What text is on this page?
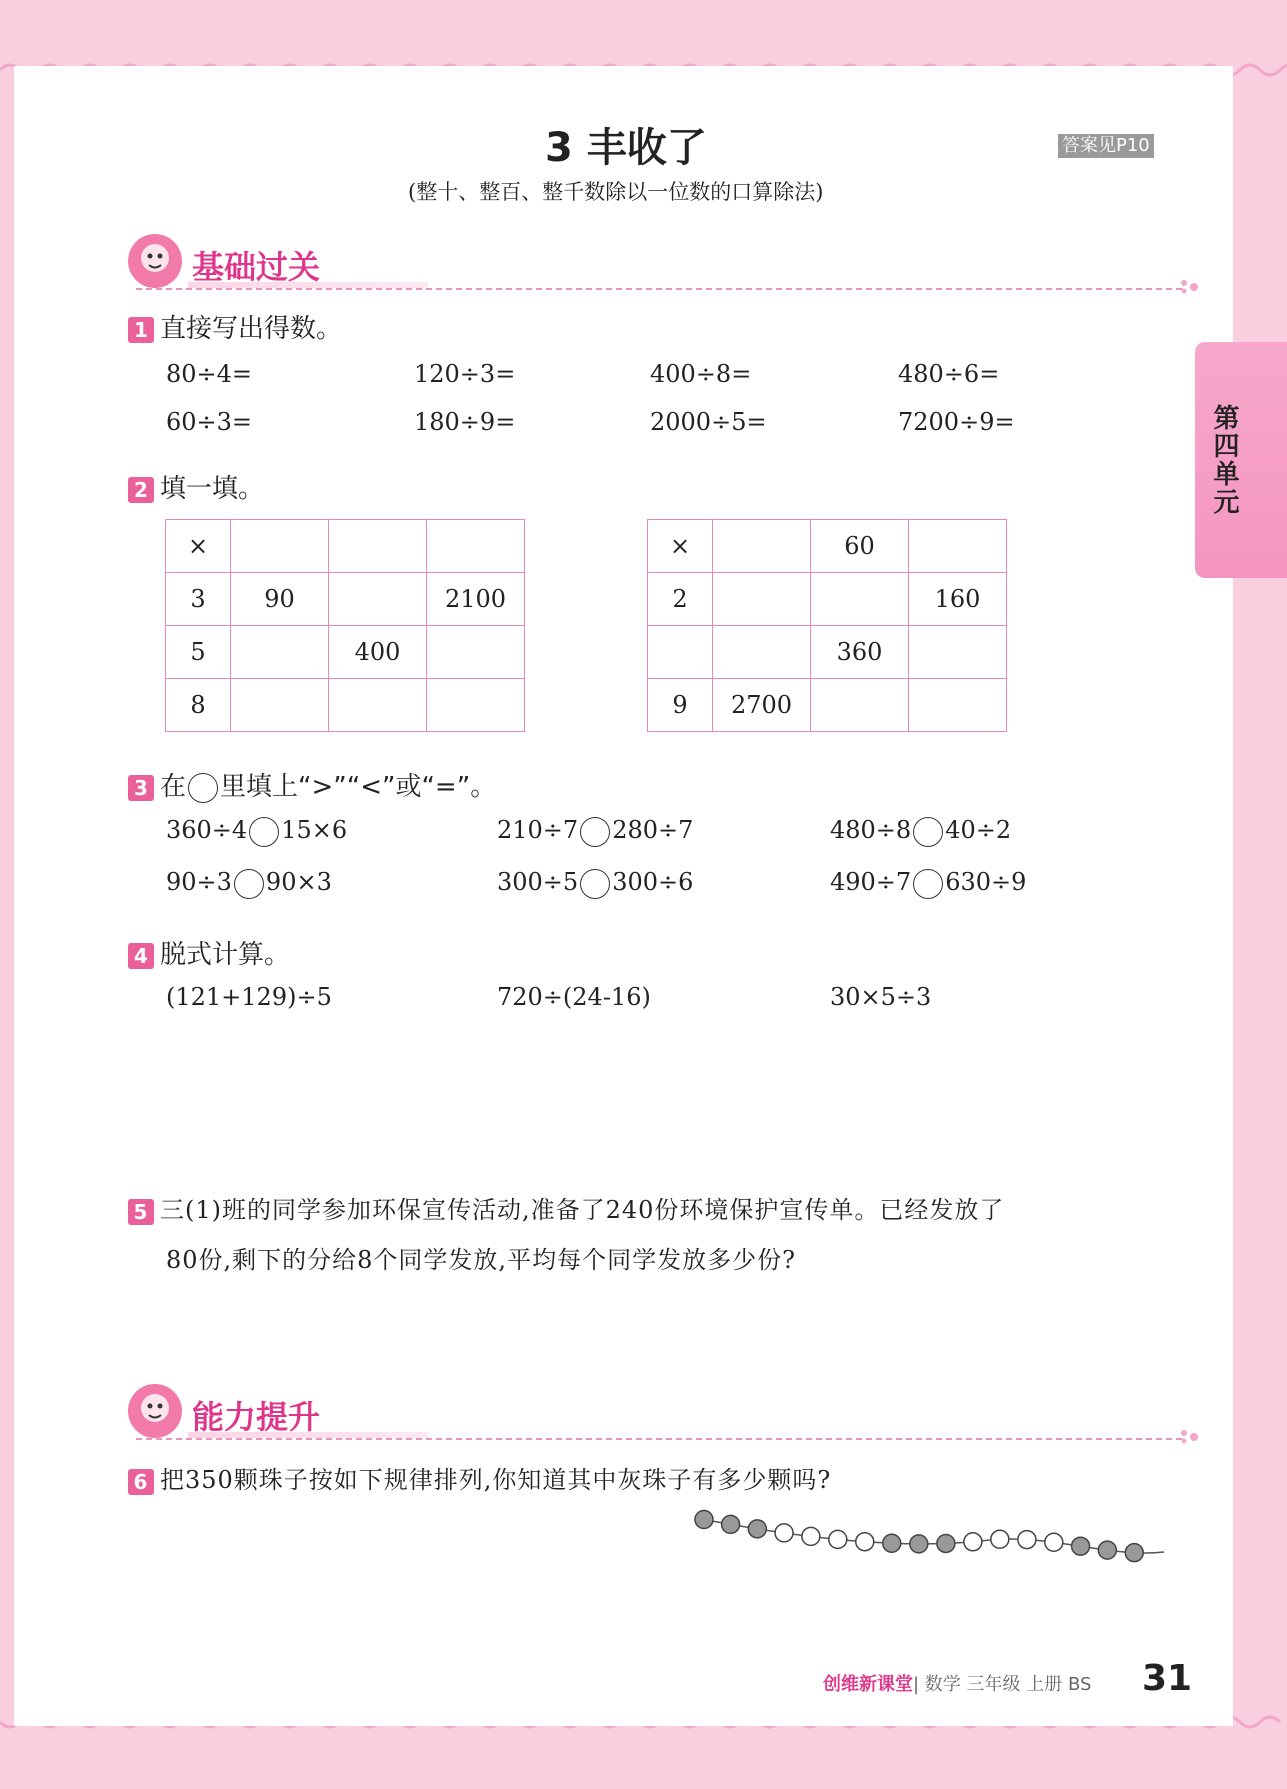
3 丰收了	答案见P10
(整十、整百、整千数除以一位数的口算除法)
第四单元
基础过关
1 直接写出得数。
80÷4=	120÷3=	400÷8=	480÷6=
60÷3=	180÷9=	2000÷5=	7200÷9=
2 填一填。
×			
3	90		2100
5		400	
8			
×		60	
2			160
		360	
9	2700		
3 在 里填上“>”“<”或“=”。
360÷4 15×6	210÷7 280÷7	480÷8 40÷2
90÷3 90×3	300÷5 300÷6	490÷7 630÷9
4 脱式计算。
(121+129)÷5	720÷(24-16)	30×5÷3
5 三(1)班的同学参加环保宣传活动,准备了240份环境保护宣传单。已经发放了
80份,剩下的分给8个同学发放,平均每个同学发放多少份?
能力提升
6 把350颗珠子按如下规律排列,你知道其中灰珠子有多少颗吗?
创维新课堂| 数学 三年级 上册 BS 31
